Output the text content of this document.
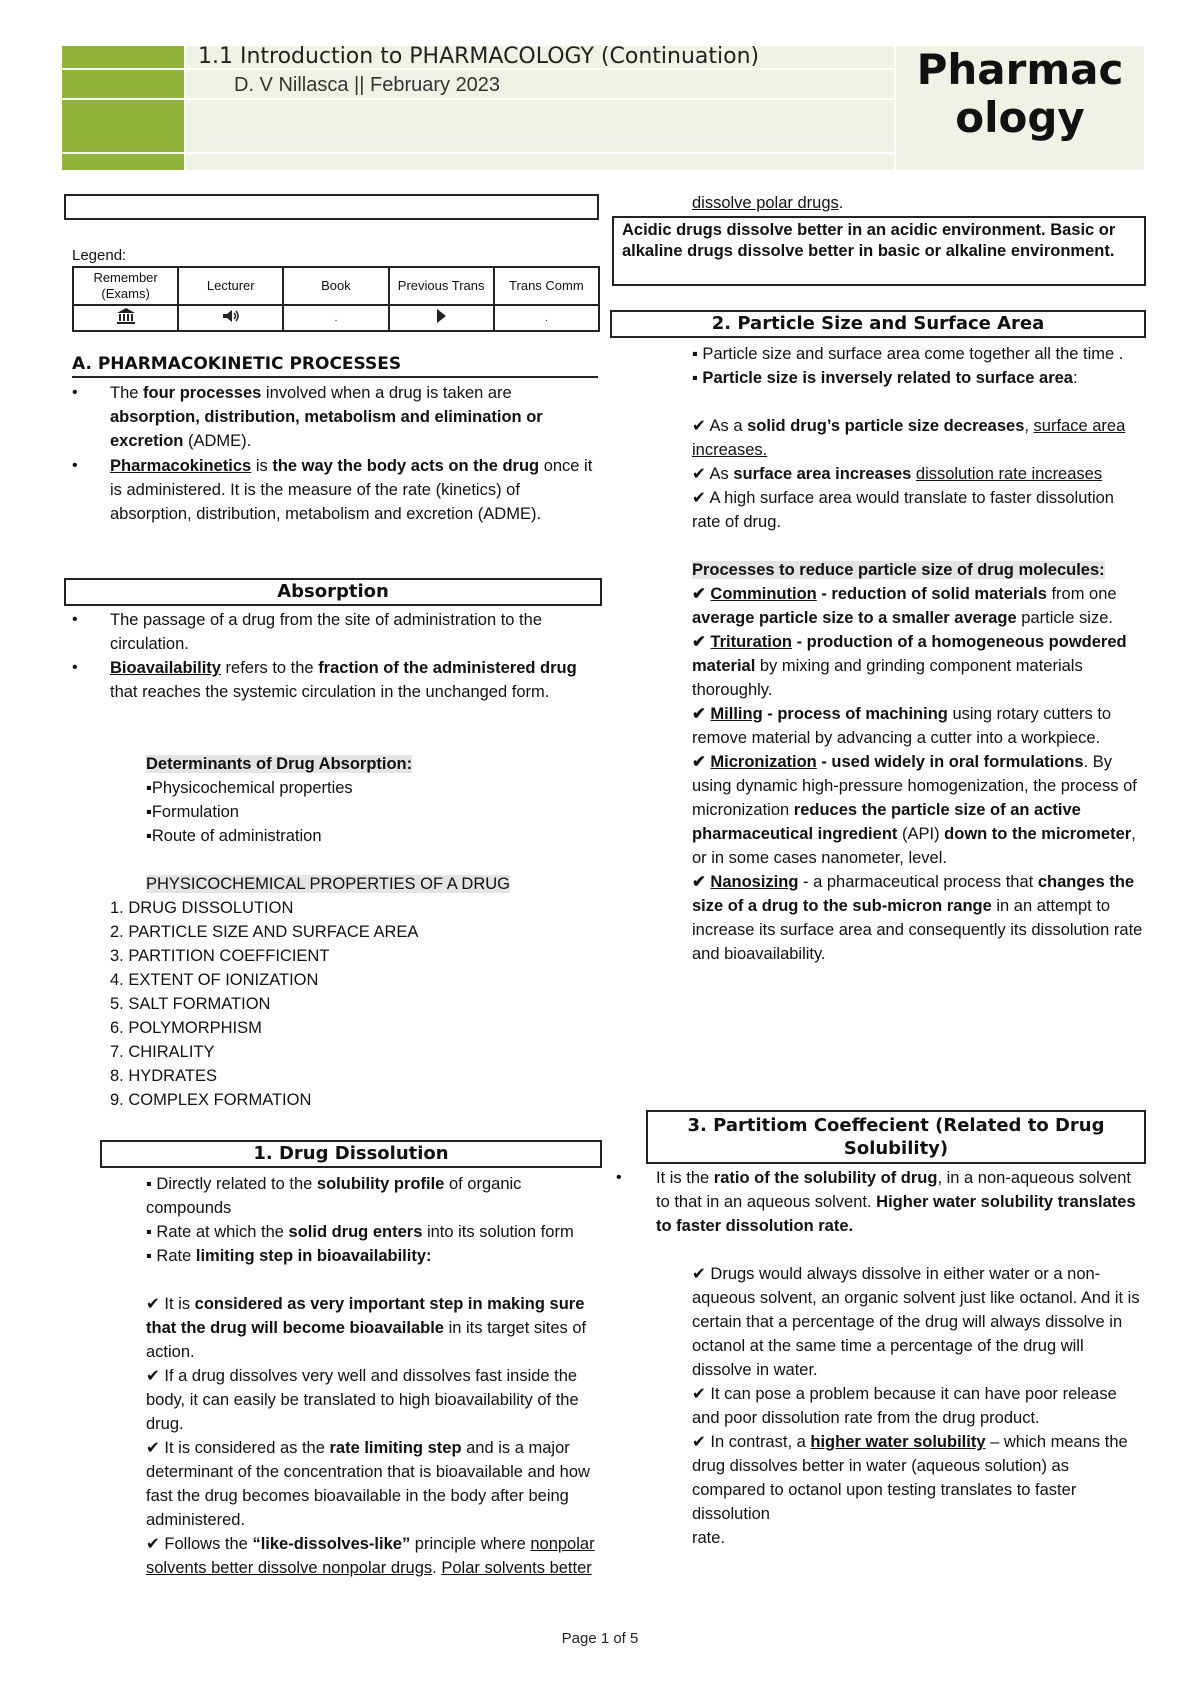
1.1 Introduction to PHARMACOLOGY (Continuation)
D. V Nillasca || February 2023	Pharmac
ology
Legend:
Remember (Exams)	Lecturer	Book	Previous Trans	Trans Comm
		.		.
A. PHARMACOKINETIC PROCESSES
• The four processes involved when a drug is taken are absorption, distribution, metabolism and elimination or excretion (ADME).
• Pharmacokinetics is the way the body acts on the drug once it is administered. It is the measure of the rate (kinetics) of absorption, distribution, metabolism and excretion (ADME).
Absorption
• The passage of a drug from the site of administration to the circulation.
• Bioavailability refers to the fraction of the administered drug that reaches the systemic circulation in the unchanged form.
Determinants of Drug Absorption:
▪Physicochemical properties
▪Formulation
▪Route of administration
PHYSICOCHEMICAL PROPERTIES OF A DRUG
1. DRUG DISSOLUTION
2. PARTICLE SIZE AND SURFACE AREA
3. PARTITION COEFFICIENT
4. EXTENT OF IONIZATION
5. SALT FORMATION
6. POLYMORPHISM
7. CHIRALITY
8. HYDRATES
9. COMPLEX FORMATION
1. Drug Dissolution
▪ Directly related to the solubility profile of organic compounds
▪ Rate at which the solid drug enters into its solution form
▪ Rate limiting step in bioavailability:
✔ It is considered as very important step in making sure that the drug will become bioavailable in its target sites of action.
✔ If a drug dissolves very well and dissolves fast inside the body, it can easily be translated to high bioavailability of the drug.
✔ It is considered as the rate limiting step and is a major determinant of the concentration that is bioavailable and how fast the drug becomes bioavailable in the body after being administered.
✔ Follows the “like-dissolves-like” principle where nonpolar solvents better dissolve nonpolar drugs. Polar solvents better
dissolve polar drugs.
Acidic drugs dissolve better in an acidic environment. Basic or alkaline drugs dissolve better in basic or alkaline environment.
2. Particle Size and Surface Area
▪ Particle size and surface area come together all the time .
▪ Particle size is inversely related to surface area:
✔ As a solid drug’s particle size decreases, surface area increases.
✔ As surface area increases dissolution rate increases
✔ A high surface area would translate to faster dissolution rate of drug.
Processes to reduce particle size of drug molecules:
✔ Comminution - reduction of solid materials from one average particle size to a smaller average particle size.
✔ Trituration - production of a homogeneous powdered material by mixing and grinding component materials thoroughly.
✔ Milling - process of machining using rotary cutters to remove material by advancing a cutter into a workpiece.
✔ Micronization - used widely in oral formulations. By using dynamic high-pressure homogenization, the process of micronization reduces the particle size of an active pharmaceutical ingredient (API) down to the micrometer, or in some cases nanometer, level.
✔ Nanosizing - a pharmaceutical process that changes the size of a drug to the sub-micron range in an attempt to increase its surface area and consequently its dissolution rate and bioavailability.
3. Partitiom Coeffecient (Related to Drug Solubility)
• It is the ratio of the solubility of drug, in a non-aqueous solvent to that in an aqueous solvent. Higher water solubility translates to faster dissolution rate.
✔ Drugs would always dissolve in either water or a non-aqueous solvent, an organic solvent just like octanol. And it is certain that a percentage of the drug will always dissolve in octanol at the same time a percentage of the drug will dissolve in water.
✔ It can pose a problem because it can have poor release and poor dissolution rate from the drug product.
✔ In contrast, a higher water solubility – which means the drug dissolves better in water (aqueous solution) as compared to octanol upon testing translates to faster dissolution
rate.
Page 1 of 5
